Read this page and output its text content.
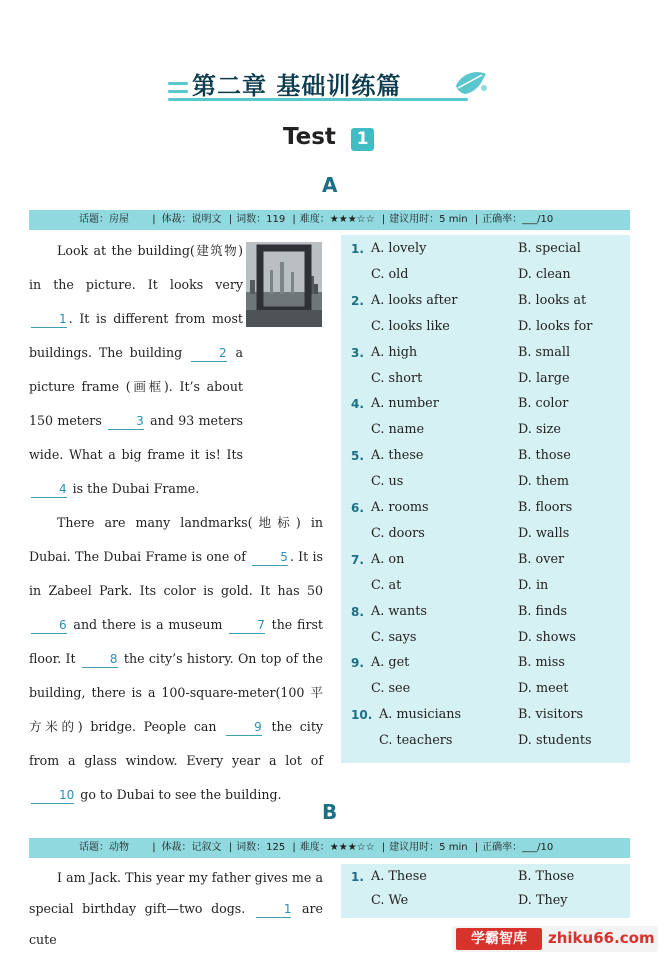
第二章 基础训练篇
Test	1
A
话题：房屋 | 体裁：说明文 | 词数：119 | 难度：★★★☆☆ | 建议用时：5 min | 正确率：___/10

Look at the building(建筑物) in the picture. It looks very 1 . It is different from most buildings. The building	2 a picture frame (画框). It’s about 150 meters	3 and 93 meters wide. What a big frame it is! Its 4 is the Dubai Frame.

There are many landmarks(地标) in Dubai. The Dubai Frame is one of	5 . It is in Zabeel Park. Its color is gold. It has 50 6 and there is a museum	7 the first floor. It	8 the city’s history. On top of the building, there is a 100-square-meter(100 平方米的) bridge. People can	9 the city from a glass window. Every year a lot of 10 go to Dubai to see the building.

1. A. lovely	B. special
C. old	D. clean
2. A. looks after	B. looks at
C. looks like	D. looks for
3. A. high	B. small
C. short	D. large
4. A. number	B. color
C. name	D. size
5. A. these	B. those
C. us	D. them
6. A. rooms	B. floors
C. doors	D. walls
7. A. on	B. over
C. at	D. in
8. A. wants	B. finds
C. says	D. shows
9. A. get	B. miss
C. see	D. meet
10. A. musicians	B. visitors
C. teachers	D. students
B
话题：动物 | 体裁：记叙文 | 词数：125 | 难度：★★★☆☆ | 建议用时：5 min | 正确率：___/10

I am Jack. This year my father gives me a special birthday gift—two dogs.	1 are cute

1. A. These	B. Those
C. We	D. They
学霸智库	zhiku66.com
